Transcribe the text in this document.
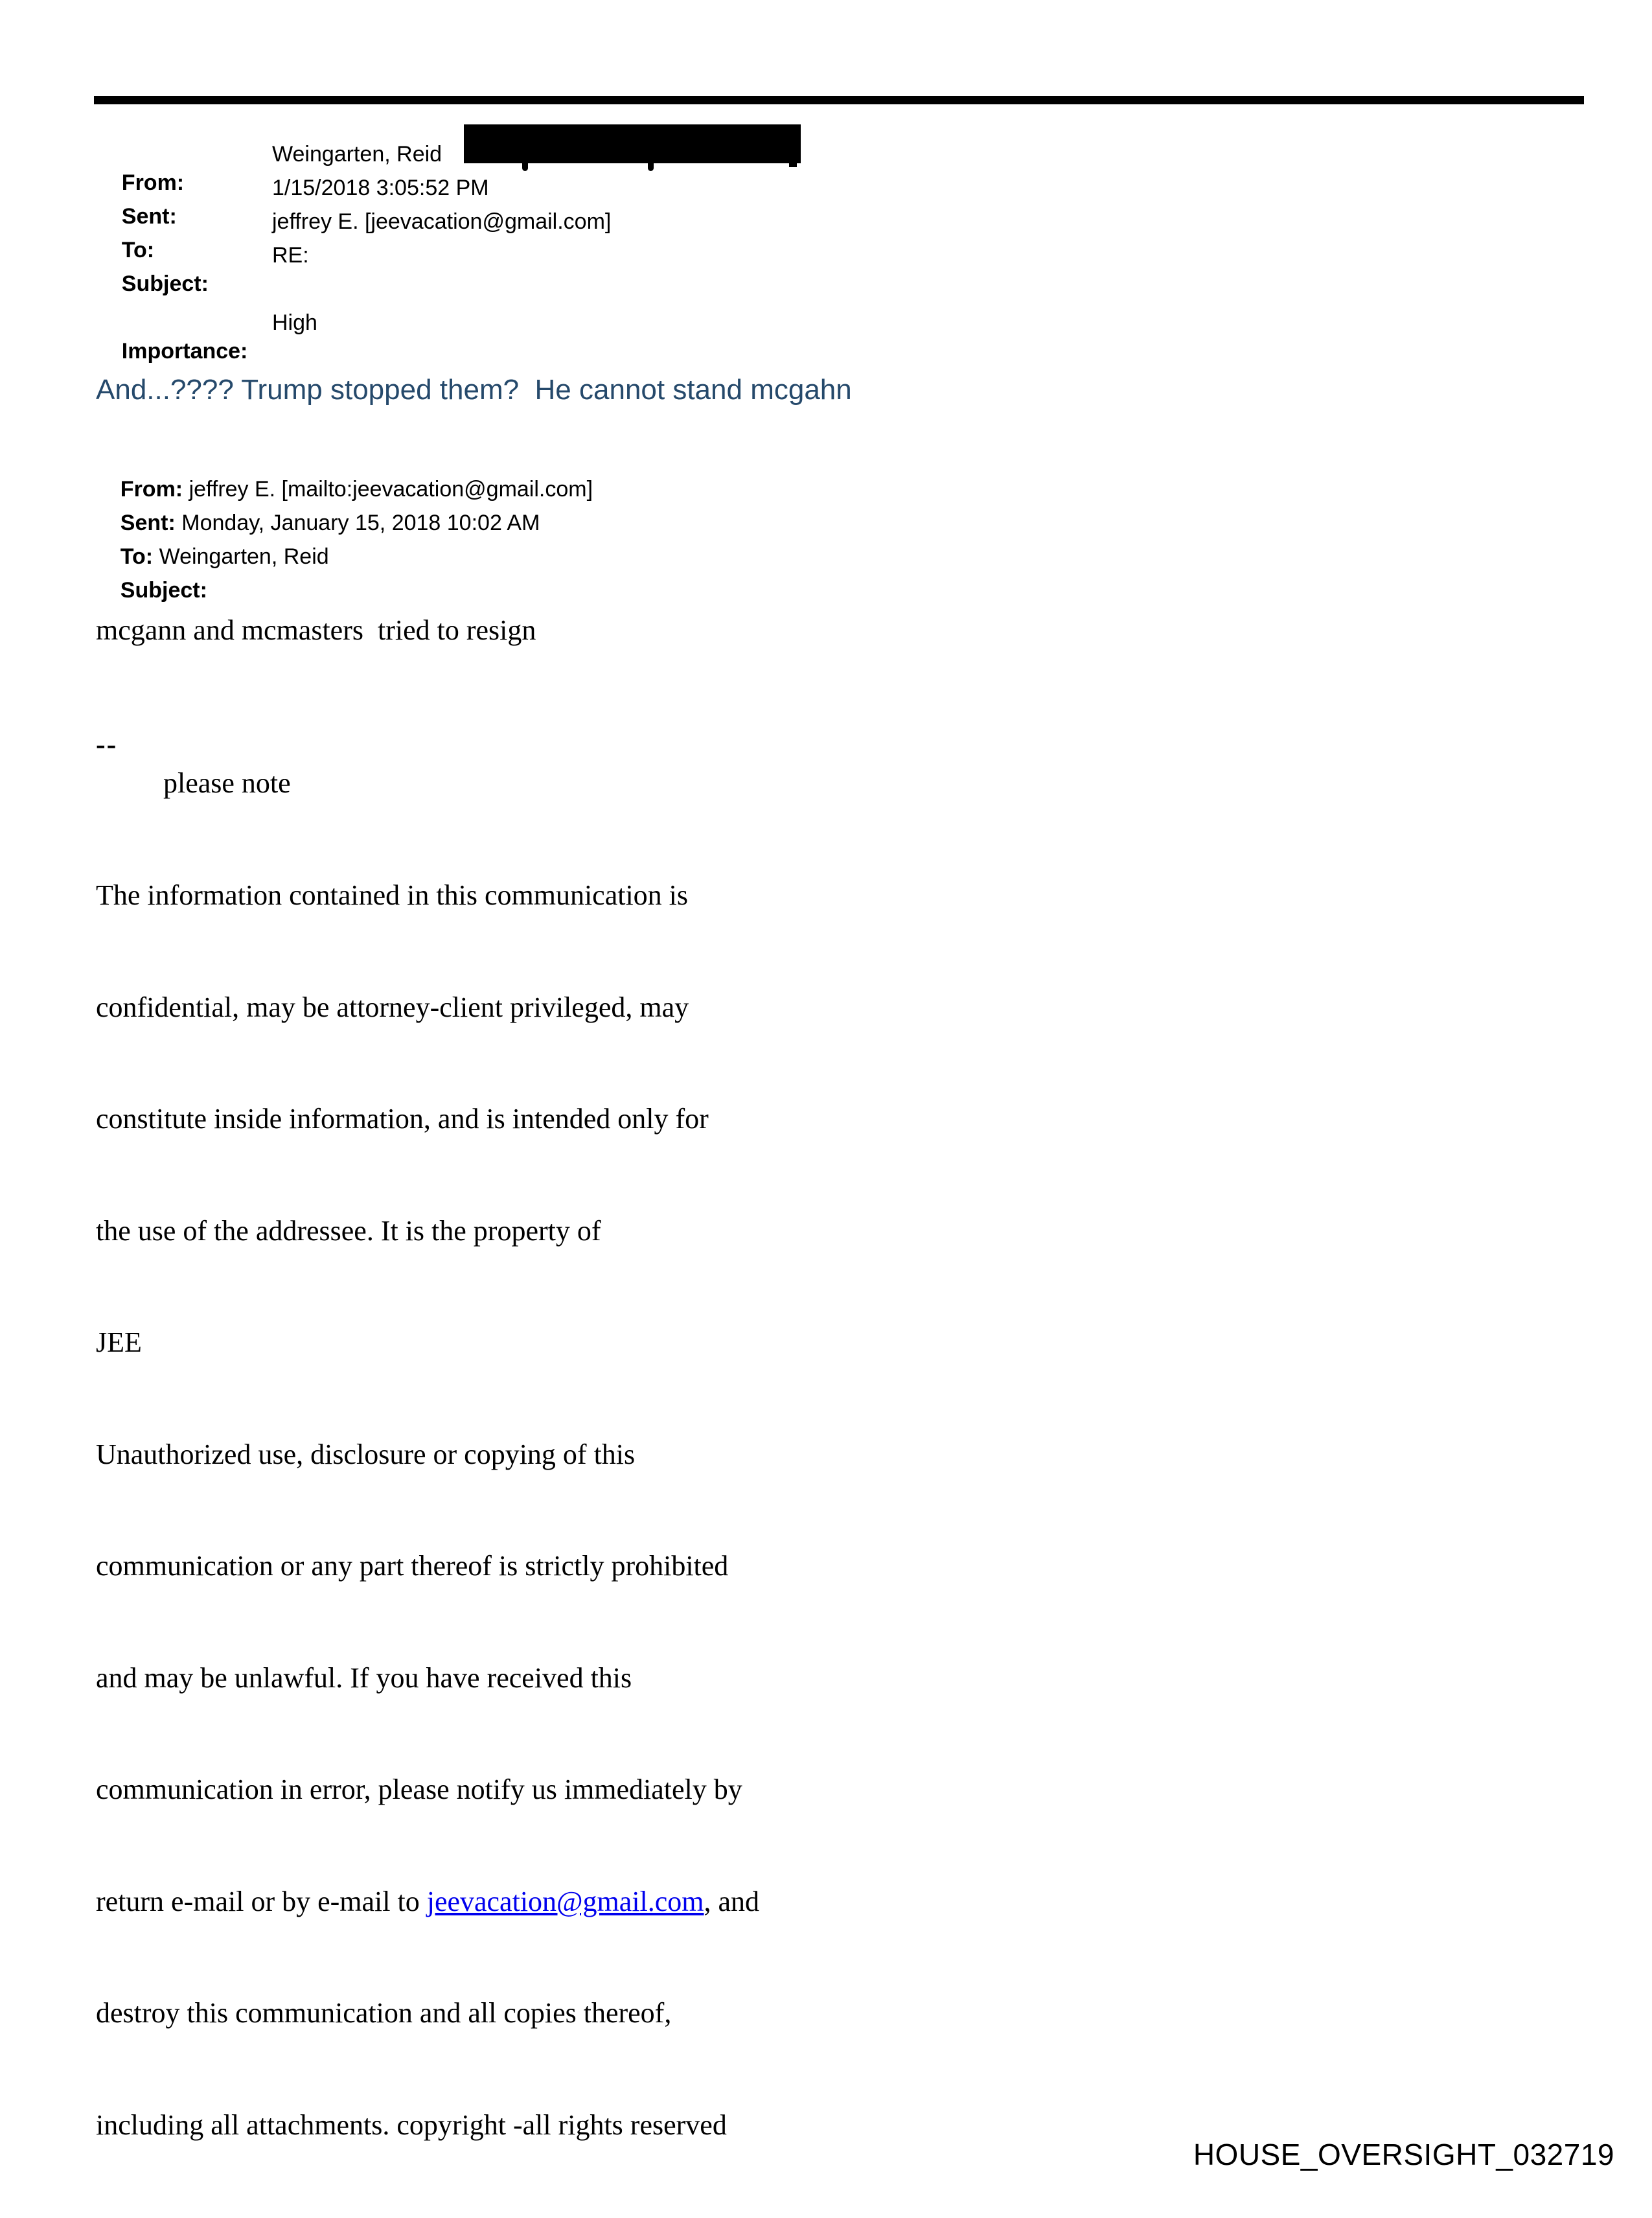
From:

Weingarten, Reid

Sent:

1/15/2018 3:05:52 PM

To:

jeffrey E. [jeevacation@gmail.com]

Subject:

RE:

Importance:

High

And...???? Trump stopped them?  He cannot stand mcgahn

From: jeffrey E. [mailto:jeevacation@gmail.com]

Sent: Monday, January 15, 2018 10:02 AM

To: Weingarten, Reid

Subject:

mcgann and mcmasters  tried to resign
--
please note

The information contained in this communication is

confidential, may be attorney-client privileged, may

constitute inside information, and is intended only for

the use of the addressee. It is the property of

JEE

Unauthorized use, disclosure or copying of this

communication or any part thereof is strictly prohibited

and may be unlawful. If you have received this

communication in error, please notify us immediately by

return e-mail or by e-mail to jeevacation@gmail.com, and

destroy this communication and all copies thereof,

including all attachments. copyright -all rights reserved

HOUSE_OVERSIGHT_032719
